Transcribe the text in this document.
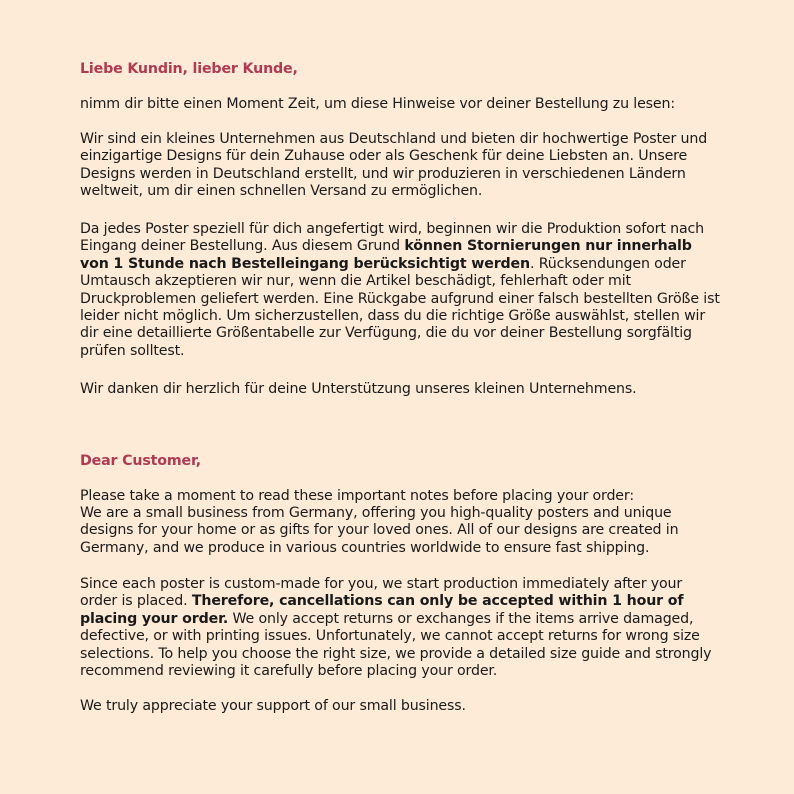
Liebe Kundin, lieber Kunde,

nimm dir bitte einen Moment Zeit, um diese Hinweise vor deiner Bestellung zu lesen:

Wir sind ein kleines Unternehmen aus Deutschland und bieten dir hochwertige Poster und einzigartige Designs für dein Zuhause oder als Geschenk für deine Liebsten an. Unsere Designs werden in Deutschland erstellt, und wir produzieren in verschiedenen Ländern weltweit, um dir einen schnellen Versand zu ermöglichen.

Da jedes Poster speziell für dich angefertigt wird, beginnen wir die Produktion sofort nach Eingang deiner Bestellung. Aus diesem Grund können Stornierungen nur innerhalb von 1 Stunde nach Bestelleingang berücksichtigt werden. Rücksendungen oder Umtausch akzeptieren wir nur, wenn die Artikel beschädigt, fehlerhaft oder mit Druckproblemen geliefert werden. Eine Rückgabe aufgrund einer falsch bestellten Größe ist leider nicht möglich. Um sicherzustellen, dass du die richtige Größe auswählst, stellen wir dir eine detaillierte Größentabelle zur Verfügung, die du vor deiner Bestellung sorgfältig prüfen solltest.

Wir danken dir herzlich für deine Unterstützung unseres kleinen Unternehmens.

Dear Customer,

Please take a moment to read these important notes before placing your order:

We are a small business from Germany, offering you high-quality posters and unique designs for your home or as gifts for your loved ones. All of our designs are created in Germany, and we produce in various countries worldwide to ensure fast shipping.

Since each poster is custom-made for you, we start production immediately after your order is placed. Therefore, cancellations can only be accepted within 1 hour of placing your order. We only accept returns or exchanges if the items arrive damaged, defective, or with printing issues. Unfortunately, we cannot accept returns for wrong size selections. To help you choose the right size, we provide a detailed size guide and strongly recommend reviewing it carefully before placing your order.

We truly appreciate your support of our small business.
